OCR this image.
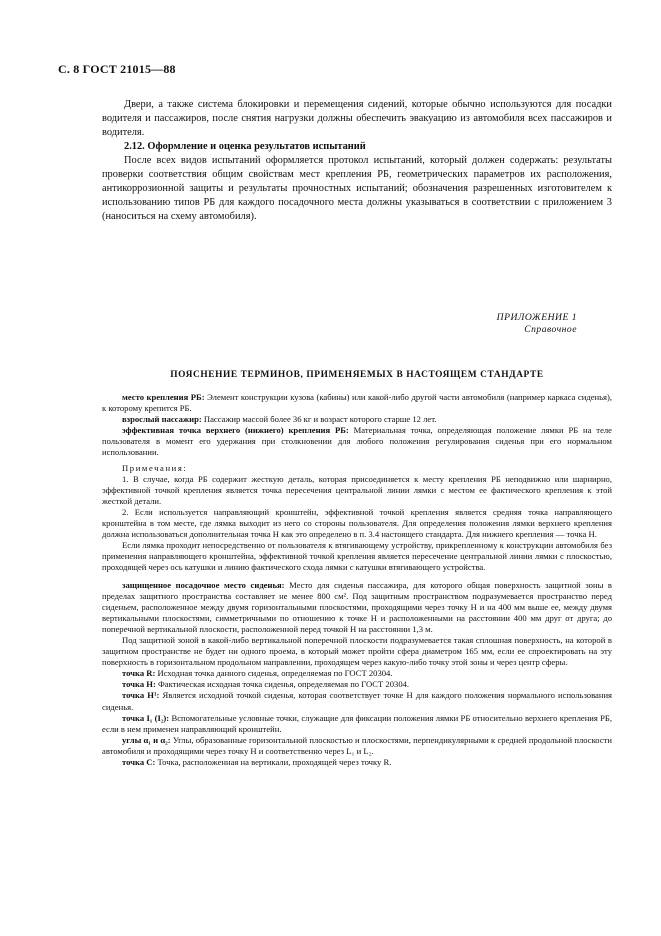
С. 8 ГОСТ 21015—88

Двери, а также система блокировки и перемещения сидений, которые обычно используются для посадки водителя и пассажиров, после снятия нагрузки должны обеспечить эвакуацию из автомобиля всех пассажиров и водителя.

2.12. Оформление и оценка результатов испытаний

После всех видов испытаний оформляется протокол испытаний, который должен содержать: результаты проверки соответствия общим свойствам мест крепления РБ, геометрических параметров их расположения, антикоррозионной защиты и результаты прочностных испытаний; обозначения разрешенных изготовителем к использованию типов РБ для каждого посадочного места должны указываться в соответствии с приложением 3 (наноситься на схему автомобиля).

ПРИЛОЖЕНИЕ 1
Справочное
ПОЯСНЕНИЕ ТЕРМИНОВ, ПРИМЕНЯЕМЫХ В НАСТОЯЩЕМ СТАНДАРТЕ

место крепления РБ: Элемент конструкции кузова (кабины) или какой-либо другой части автомобиля (например каркаса сиденья), к которому крепится РБ.

взрослый пассажир: Пассажир массой более 36 кг и возраст которого старше 12 лет.

эффективная точка верхнего (нижнего) крепления РБ: Материальная точка, определяющая положение лямки РБ на теле пользователя в момент его удержания при столкновении для любого положения регулирования сиденья при его нормальном использовании.

Примечания:

1. В случае, когда РБ содержит жесткую деталь, которая присоединяется к месту крепления РБ неподвижно или шарнирно, эффективной точкой крепления является точка пересечения центральной линии лямки с местом ее фактического крепления к этой жесткой детали.

2. Если используется направляющий кронштейн, эффективной точкой крепления является средняя точка направляющего кронштейна в том месте, где лямка выходит из него со стороны пользователя. Для определения положения лямки верхнего крепления должна использоваться дополнительная точка Н как это определено в п. 3.4 настоящего стандарта. Для нижнего крепления — точка Н.

Если лямка проходит непосредственно от пользователя к втягивающему устройству, прикрепленному к конструкции автомобиля без применения направляющего кронштейна, эффективной точкой крепления является пересечение центральной линии лямки с плоскостью, проходящей через ось катушки и линию фактического схода лямки с катушки втягивающего устройства.

защищенное посадочное место сиденья: Место для сиденья пассажира, для которого общая поверхность защитной зоны в пределах защитного пространства составляет не менее 800 см². Под защитным пространством подразумевается пространство перед сиденьем, расположенное между двумя горизонтальными плоскостями, проходящими через точку Н и на 400 мм выше ее, между двумя вертикальными плоскостями, симметричными по отношению к точке Н и расположенными на расстоянии 400 мм друг от друга; до поперечной вертикальной плоскости, расположенной перед точкой Н на расстоянии 1,3 м.

Под защитной зоной в какой-либо вертикальной поперечной плоскости подразумевается такая сплошная поверхность, на которой в защитном пространстве не будет ни одного проема, в который может пройти сфера диаметром 165 мм, если ее спроектировать на эту поверхность в горизонтальном продольном направлении, проходящем через какую-либо точку этой зоны и через центр сферы.

точка R: Исходная точка данного сиденья, определяемая по ГОСТ 20304.

точка Н: Фактическая исходная точка сиденья, определяемая по ГОСТ 20304.

точка Н¹: Является исходной точкой сиденья, которая соответствует точке Н для каждого положения нормального использования сиденья.

точка I₁ (I₂): Вспомогательные условные точки, служащие для фиксации положения лямки РБ относительно верхнего крепления РБ, если в нем применен направляющий кронштейн.

углы α₁ и α₂: Углы, образованные горизонтальной плоскостью и плоскостями, перпендикулярными к средней продольной плоскости автомобиля и проходящими через точку Н и соответственно через L₁ и L₂.

точка С: Точка, расположенная на вертикали, проходящей через точку R.
